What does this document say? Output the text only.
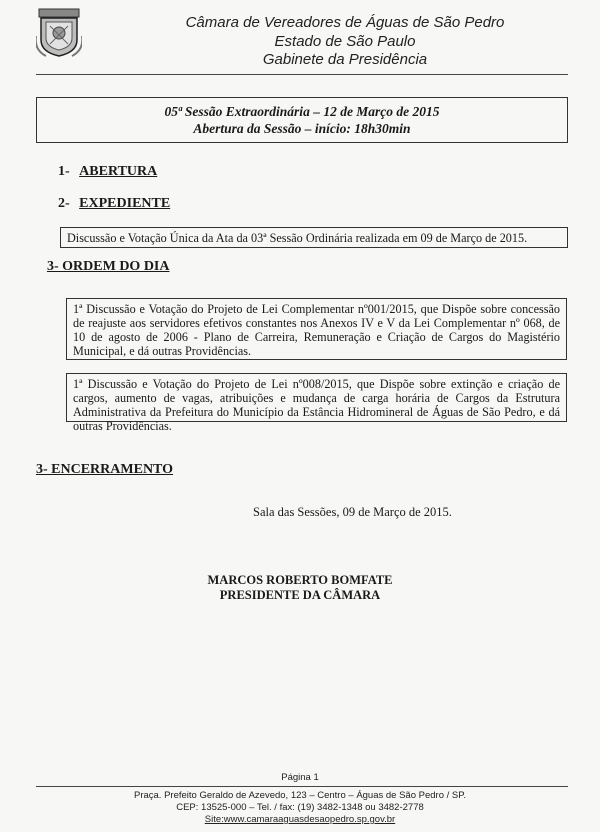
Câmara de Vereadores de Águas de São Pedro
Estado de São Paulo
Gabinete da Presidência
05ª Sessão Extraordinária – 12 de Março de 2015
Abertura da Sessão – início: 18h30min
1- ABERTURA
2- EXPEDIENTE
Discussão e Votação Única da Ata da 03ª Sessão Ordinária realizada em 09 de Março de 2015.
3- ORDEM DO DIA
1ª Discussão e Votação do Projeto de Lei Complementar nº001/2015, que Dispõe sobre concessão de reajuste aos servidores efetivos constantes nos Anexos IV e V da Lei Complementar nº 068, de 10 de agosto de 2006 - Plano de Carreira, Remuneração e Criação de Cargos do Magistério Municipal, e dá outras Providências.
1ª Discussão e Votação do Projeto de Lei nº008/2015, que Dispõe sobre extinção e criação de cargos, aumento de vagas, atribuições e mudança de carga horária de Cargos da Estrutura Administrativa da Prefeitura do Município da Estância Hidromineral de Águas de São Pedro, e dá outras Providências.
3- ENCERRAMENTO
Sala das Sessões, 09 de Março de 2015.
MARCOS ROBERTO BOMFATE
PRESIDENTE DA CÂMARA
Página 1
Praça. Prefeito Geraldo de Azevedo, 123 – Centro – Águas de São Pedro / SP.
CEP: 13525-000 – Tel. / fax: (19) 3482-1348 ou 3482-2778
Site:www.camaraaguasdesaopedro.sp.gov.br
